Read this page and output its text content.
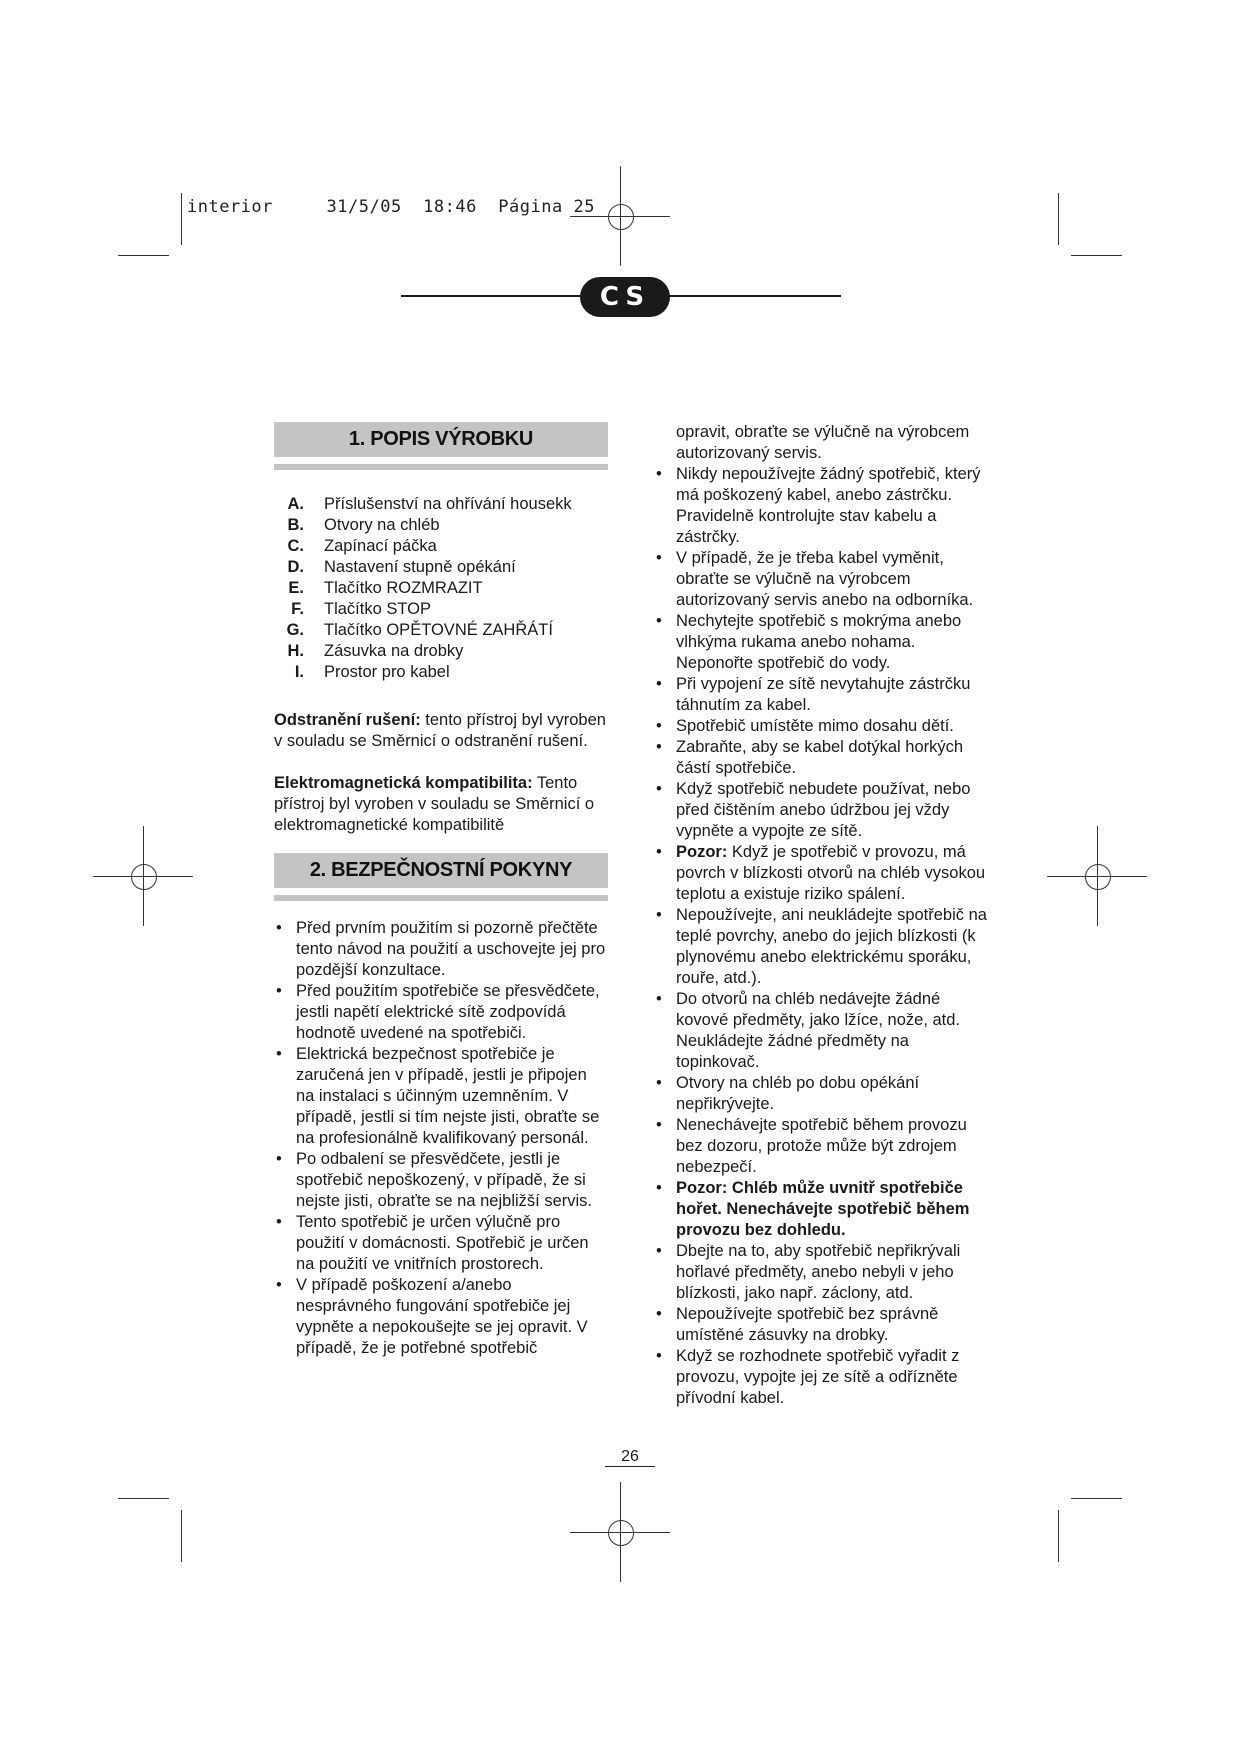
interior     31/5/05  18:46  Página 25
CS
1. POPIS VÝROBKU
A. Příslušenství na ohřívání housekk
B. Otvory na chléb
C. Zapínací páčka
D. Nastavení stupně opékání
E. Tlačítko ROZMRAZIT
F. Tlačítko STOP
G. Tlačítko OPĚTOVNÉ ZAHŘÁTÍ
H. Zásuvka na drobky
I. Prostor pro kabel

Odstranění rušení: tento přístroj byl vyroben v souladu se Směrnicí o odstranění rušení.

Elektromagnetická kompatibilita: Tento přístroj byl vyroben v souladu se Směrnicí o elektromagnetické kompatibilitě

2. BEZPEČNOSTNÍ POKYNY
• Před prvním použitím si pozorně přečtěte tento návod na použití a uschovejte jej pro pozdější konzultace.
• Před použitím spotřebiče se přesvědčete, jestli napětí elektrické sítě zodpovídá hodnotě uvedené na spotřebiči.
• Elektrická bezpečnost spotřebiče je zaručená jen v případě, jestli je připojen na instalaci s účinným uzemněním. V případě, jestli si tím nejste jisti, obraťte se na profesionálně kvalifikovaný personál.
• Po odbalení se přesvědčete, jestli je spotřebič nepoškozený, v případě, že si nejste jisti, obraťte se na nejbližší servis.
• Tento spotřebič je určen výlučně pro použití v domácnosti. Spotřebič je určen na použití ve vnitřních prostorech.
• V případě poškození a/anebo nesprávného fungování spotřebiče jej vypněte a nepokoušejte se jej opravit. V případě, že je potřebné spotřebič

opravit, obraťte se výlučně na výrobcem autorizovaný servis.

• Nikdy nepoužívejte žádný spotřebič, který má poškozený kabel, anebo zástrčku. Pravidelně kontrolujte stav kabelu a zástrčky.
• V případě, že je třeba kabel vyměnit, obraťte se výlučně na výrobcem autorizovaný servis anebo na odborníka.
• Nechytejte spotřebič s mokrýma anebo vlhkýma rukama anebo nohama. Neponořte spotřebič do vody.
• Při vypojení ze sítě nevytahujte zástrčku táhnutím za kabel.
• Spotřebič umístěte mimo dosahu dětí.
• Zabraňte, aby se kabel dotýkal horkých částí spotřebiče.
• Když spotřebič nebudete používat, nebo před čištěním anebo údržbou jej vždy vypněte a vypojte ze sítě.
• Pozor: Když je spotřebič v provozu, má povrch v blízkosti otvorů na chléb vysokou teplotu a existuje riziko spálení.
• Nepoužívejte, ani neukládejte spotřebič na teplé povrchy, anebo do jejich blízkosti (k plynovému anebo elektrickému sporáku, rouře, atd.).
• Do otvorů na chléb nedávejte žádné kovové předměty, jako lžíce, nože, atd. Neukládejte žádné předměty na topinkovač.
• Otvory na chléb po dobu opékání nepřikrývejte.
• Nenechávejte spotřebič během provozu bez dozoru, protože může být zdrojem nebezpečí.
• Pozor: Chléb může uvnitř spotřebiče hořet. Nenechávejte spotřebič během provozu bez dohledu.
• Dbejte na to, aby spotřebič nepřikrývali hořlavé předměty, anebo nebyli v jeho blízkosti, jako např. záclony, atd.
• Nepoužívejte spotřebič bez správně umístěné zásuvky na drobky.
• Když se rozhodnete spotřebič vyřadit z provozu, vypojte jej ze sítě a odřízněte přívodní kabel.
26
